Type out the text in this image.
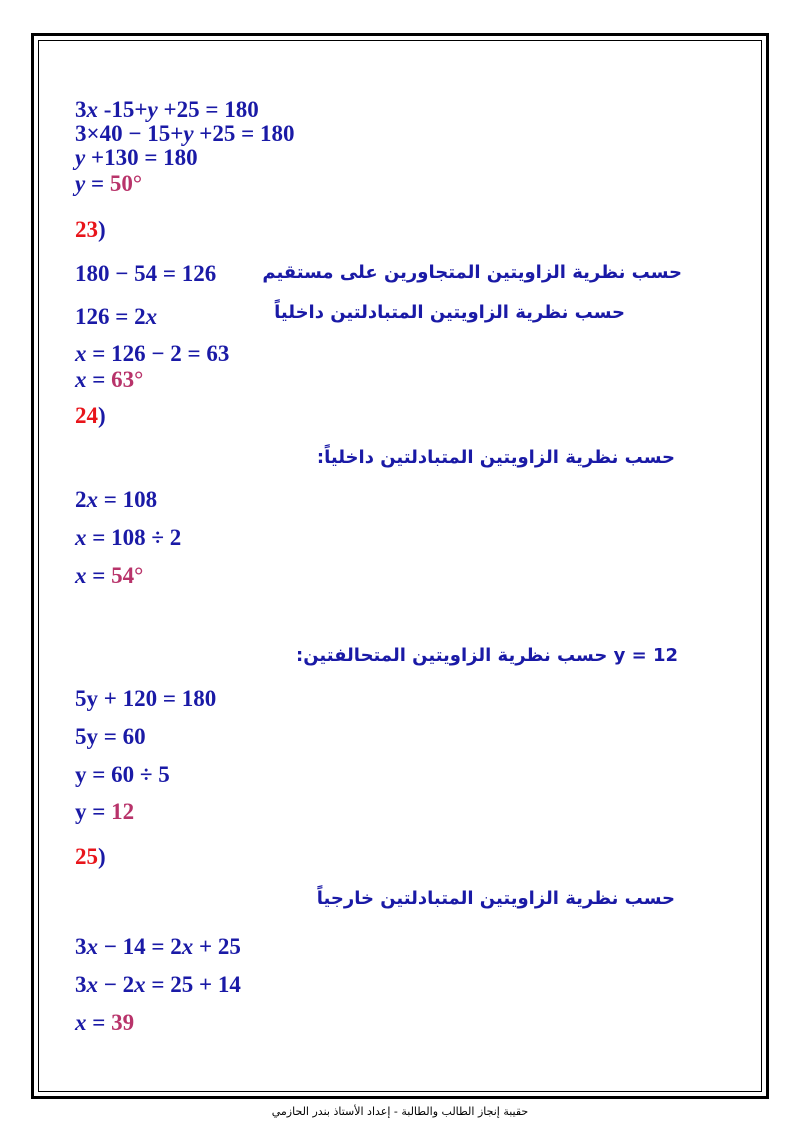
3x -15+y +25 = 180
3×40 − 15+y +25 = 180
y +130 = 180
y = 50°
23)
180 − 54 = 126	حسب نظرية الزاويتين المتجاورين على مستقيم
126 = 2x	حسب نظرية الزاويتين المتبادلتين داخلياً
x = 126 − 2 = 63
x = 63°
24)
حسب نظرية الزاويتين المتبادلتين داخلياً:
2x = 108
x = 108 ÷ 2
x = 54°
y = 12 حسب نظرية الزاويتين المتحالفتين:
5y + 120 = 180
5y = 60
y = 60 ÷ 5
y = 12
25)
حسب نظرية الزاويتين المتبادلتين خارجياً
3x − 14 = 2x + 25
3x − 2x = 25 + 14
x = 39
حقيبة إنجاز الطالب والطالبة - إعداد الأستاذ بندر الحازمي
